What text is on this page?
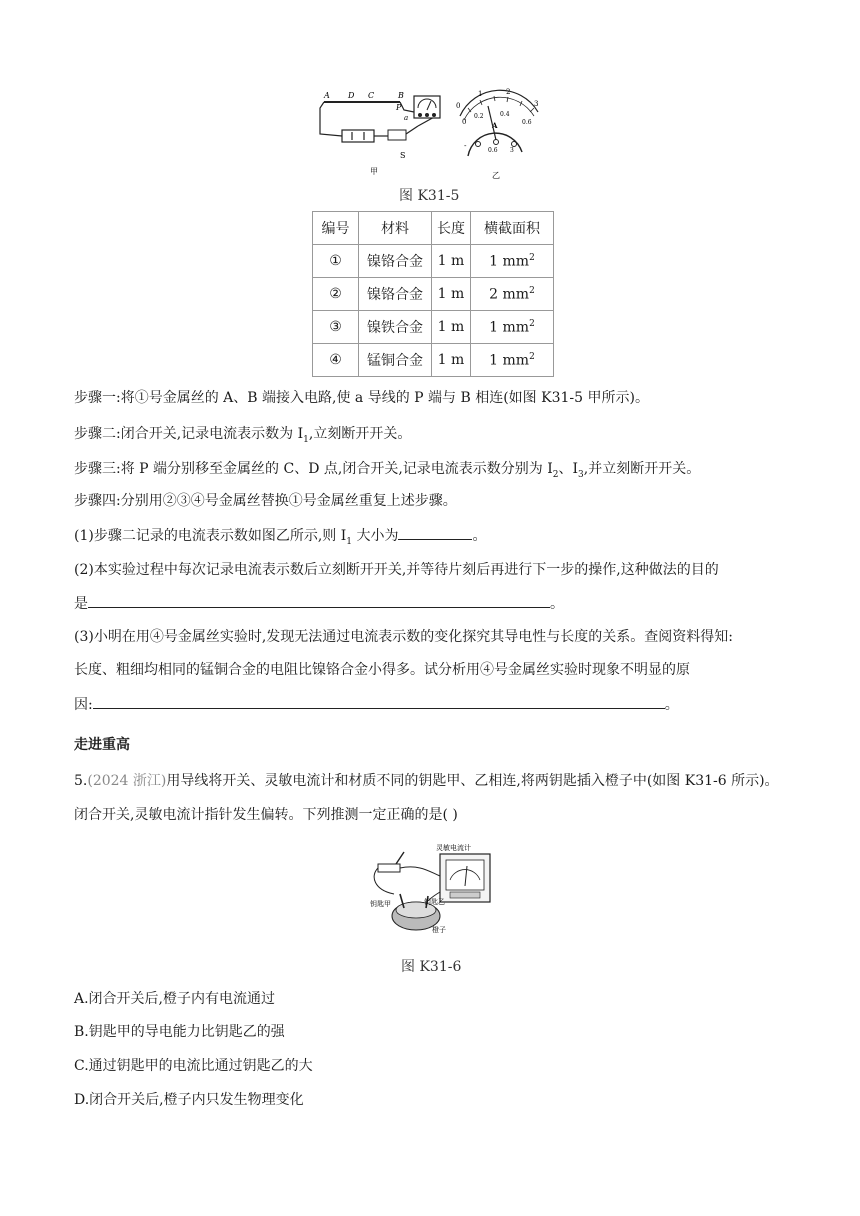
A D C	B
P
a
S
甲
0
1	2
3
0
0.2	0.4
0.6
A
-
0.6 3
乙
图 K31-5
编号	材料	长度	横截面积
①	镍铬合金	1 m	1 $mm^2$
②	镍铬合金	1 m	2 $mm^2$
③	镍铁合金	1 m	1 $mm^2$
④	锰铜合金	1 m	1 $mm^2$
步骤一:将①号金属丝的 A、B 端接入电路,使 a 导线的 P 端与 B 相连(如图 K31-5 甲所示)。
步骤二:闭合开关,记录电流表示数为 $I_1$,立刻断开开关。
步骤三:将 P 端分别移至金属丝的 C、D 点,闭合开关,记录电流表示数分别为 $I_2$、$I_3$,并立刻断开开关。
步骤四:分别用②③④号金属丝替换①号金属丝重复上述步骤。
(1)步骤二记录的电流表示数如图乙所示,则 $I_1$ 大小为	。
(2)本实验过程中每次记录电流表示数后立刻断开开关,并等待片刻后再进行下一步的操作,这种做法的目的
是	。
(3)小明在用④号金属丝实验时,发现无法通过电流表示数的变化探究其导电性与长度的关系。查阅资料得知:
长度、粗细均相同的锰铜合金的电阻比镍铬合金小得多。试分析用④号金属丝实验时现象不明显的原
因:	。
走进重高
5.(2024 浙江)用导线将开关、灵敏电流计和材质不同的钥匙甲、乙相连,将两钥匙插入橙子中(如图 K31-6 所示)。
闭合开关,灵敏电流计指针发生偏转。下列推测一定正确的是( )
灵敏电流计
钥匙甲	钥匙乙
橙子
图 K31-6
A.闭合开关后,橙子内有电流通过
B.钥匙甲的导电能力比钥匙乙的强
C.通过钥匙甲的电流比通过钥匙乙的大
D.闭合开关后,橙子内只发生物理变化
